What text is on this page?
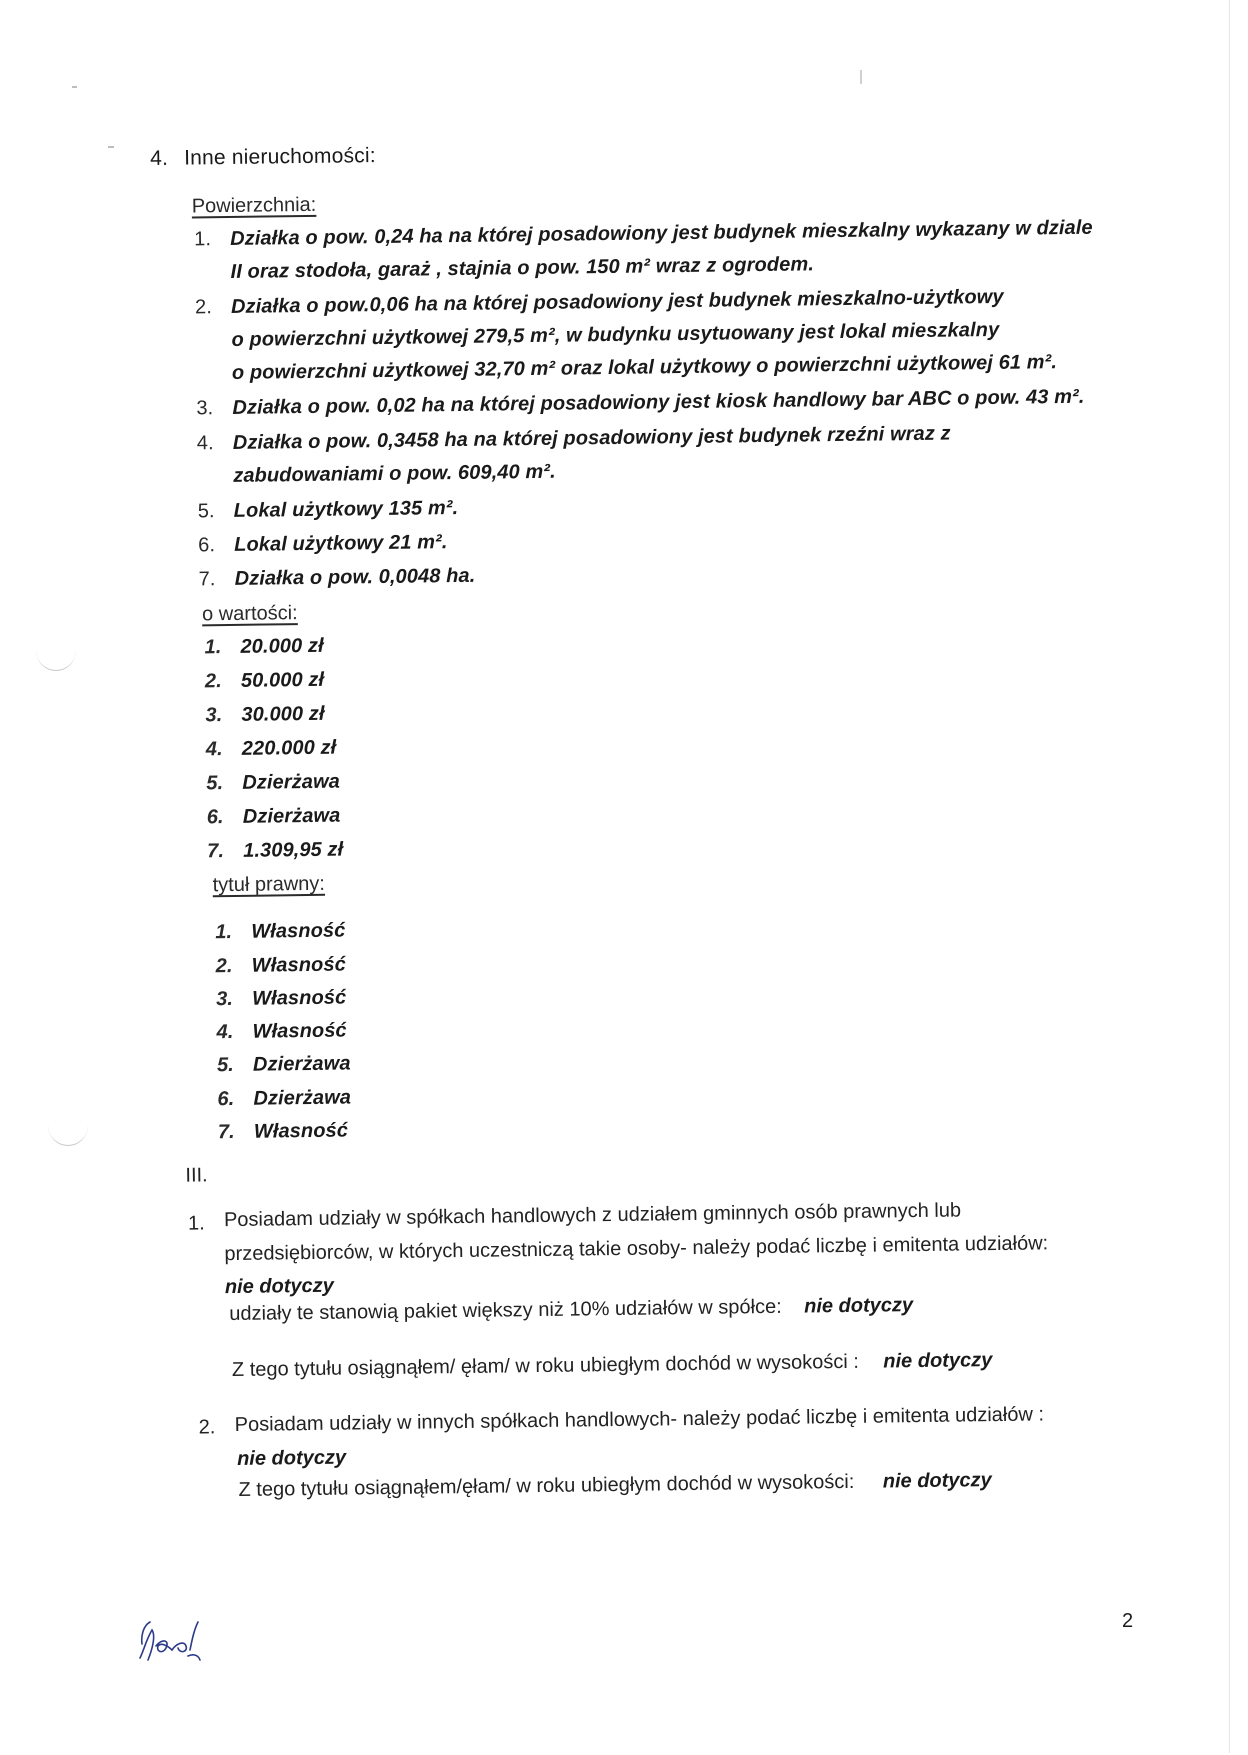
4. Inne nieruchomości:
Powierzchnia:
1. Działka o pow. 0,24 ha na której posadowiony jest budynek mieszkalny wykazany w dziale
II oraz stodoła, garaż , stajnia o pow. 150 m² wraz z ogrodem.
2. Działka o pow.0,06 ha na której posadowiony jest budynek mieszkalno-użytkowy
o powierzchni użytkowej 279,5 m², w budynku usytuowany jest lokal mieszkalny
o powierzchni użytkowej 32,70 m² oraz lokal użytkowy o powierzchni użytkowej 61 m².
3. Działka o pow. 0,02 ha na której posadowiony jest kiosk handlowy bar ABC o pow. 43 m².
4. Działka o pow. 0,3458 ha na której posadowiony jest budynek rzeźni wraz z
zabudowaniami o pow. 609,40 m².
5. Lokal użytkowy 135 m².
6. Lokal użytkowy 21 m².
7. Działka o pow. 0,0048 ha.
o wartości:
1. 20.000 zł
2. 50.000 zł
3. 30.000 zł
4. 220.000 zł
5. Dzierżawa
6. Dzierżawa
7. 1.309,95 zł
tytuł prawny:
1. Własność
2. Własność
3. Własność
4. Własność
5. Dzierżawa
6. Dzierżawa
7. Własność
III.
1. Posiadam udziały w spółkach handlowych z udziałem gminnych osób prawnych lub
przedsiębiorców, w których uczestniczą takie osoby- należy podać liczbę i emitenta udziałów:
nie dotyczy
udziały te stanowią pakiet większy niż 10% udziałów w spółce: nie dotyczy
Z tego tytułu osiągnąłem/ ęłam/ w roku ubiegłym dochód w wysokości : nie dotyczy
2. Posiadam udziały w innych spółkach handlowych- należy podać liczbę i emitenta udziałów :
nie dotyczy
Z tego tytułu osiągnąłem/ęłam/ w roku ubiegłym dochód w wysokości: nie dotyczy
2
